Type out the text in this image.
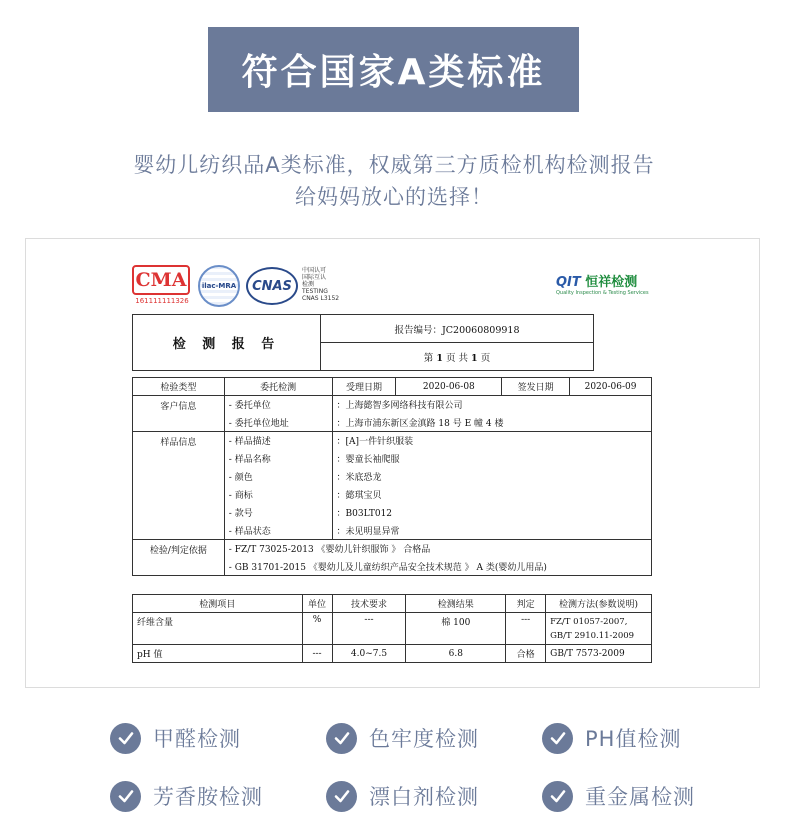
符合国家A类标准
婴幼儿纺织品A类标准，权威第三方质检机构检测报告
给妈妈放心的选择！
CMA
161111111326
ilac-MRA	CNAS
中国认可
国际互认
检测
TESTING
CNAS L3152
QIT 恒祥检测
Quality Inspection & Testing Services
检 测 报 告	报告编号：JC20060809918
第 1 页 共 1 页
检验类型	委托检测	受理日期	2020-06-08	签发日期	2020-06-09
客户信息	- 委托单位	：上海懿智多网络科技有限公司			
	- 委托单位地址	：上海市浦东新区金滇路 18 号 E 幢 4 楼			
样品信息	- 样品描述	：[A]一件针织服装			
	- 样品名称	：婴童长袖爬服			
	- 颜色	：米底恐龙			
	- 商标	：懿琪宝贝			
	- 款号	：B03LT012			
	- 样品状态	：未见明显异常			
检验/判定依据	- FZ/T 73025-2013 《婴幼儿针织服饰 》 合格品				
	- GB 31701-2015 《婴幼儿及儿童纺织产品安全技术规范 》 A 类(婴幼儿用品)				
检测项目	单位	技术要求	检测结果	判定	检测方法(参数说明)
纤维含量	%	---	棉 100	---	FZ/T 01057-2007,
GB/T 2910.11-2009
pH 值	---	4.0~7.5	6.8	合格	GB/T 7573-2009
甲醛检测	色牢度检测	PH值检测
芳香胺检测	漂白剂检测	重金属检测
